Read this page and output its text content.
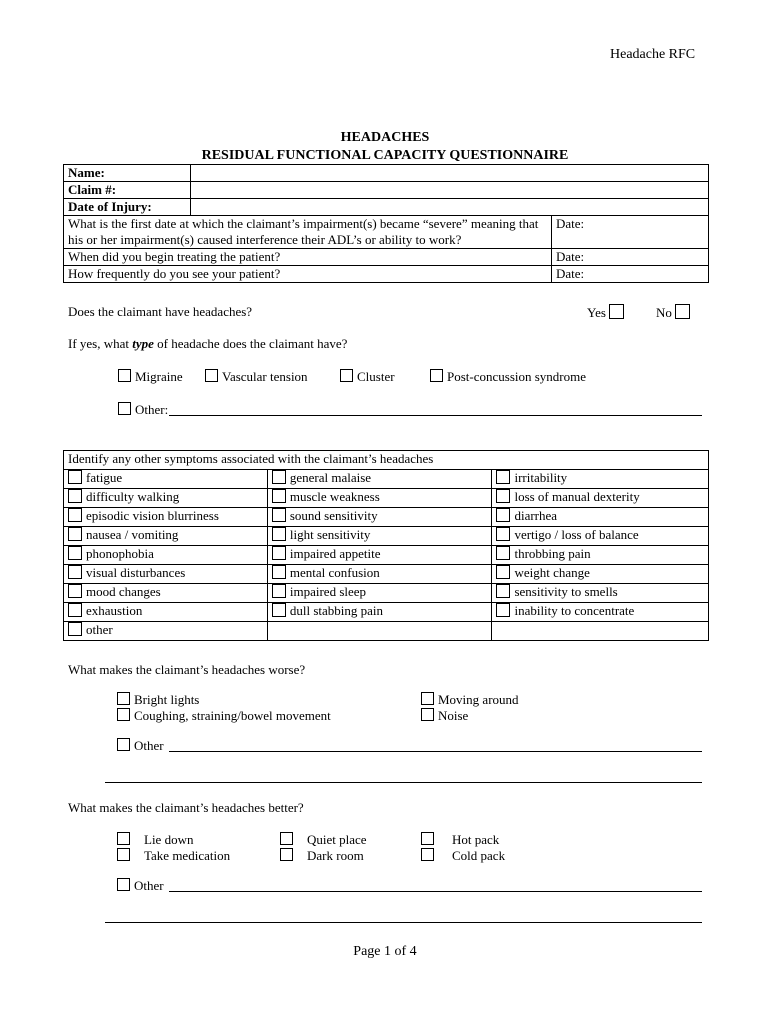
Headache RFC
HEADACHES
RESIDUAL FUNCTIONAL CAPACITY QUESTIONNAIRE
Name:		
Claim #:		
Date of Injury:		
What is the first date at which the claimant’s impairment(s) became “severe” meaning that his or her impairment(s) caused interference their ADL’s or ability to work?		Date:
When did you begin treating the patient?		Date:
How frequently do you see your patient?		Date:
Does the claimant have headaches?	Yes	No
If yes, what type of headache does the claimant have?
Migraine	Vascular tension	Cluster	Post-concussion syndrome
Other:
Identify any other symptoms associated with the claimant’s headaches		
fatigue	general malaise	irritability
difficulty walking	muscle weakness	loss of manual dexterity
episodic vision blurriness	sound sensitivity	diarrhea
nausea / vomiting	light sensitivity	vertigo / loss of balance
phonophobia	impaired appetite	throbbing pain
visual disturbances	mental confusion	weight change
mood changes	impaired sleep	sensitivity to smells
exhaustion	dull stabbing pain	inability to concentrate
other		
What makes the claimant’s headaches worse?
Bright lights
Coughing, straining/bowel movement
Moving around
Noise
Other
What makes the claimant’s headaches better?
Lie down
Take medication
Quiet place
Dark room
Hot pack
Cold pack
Other
Page 1 of 4
